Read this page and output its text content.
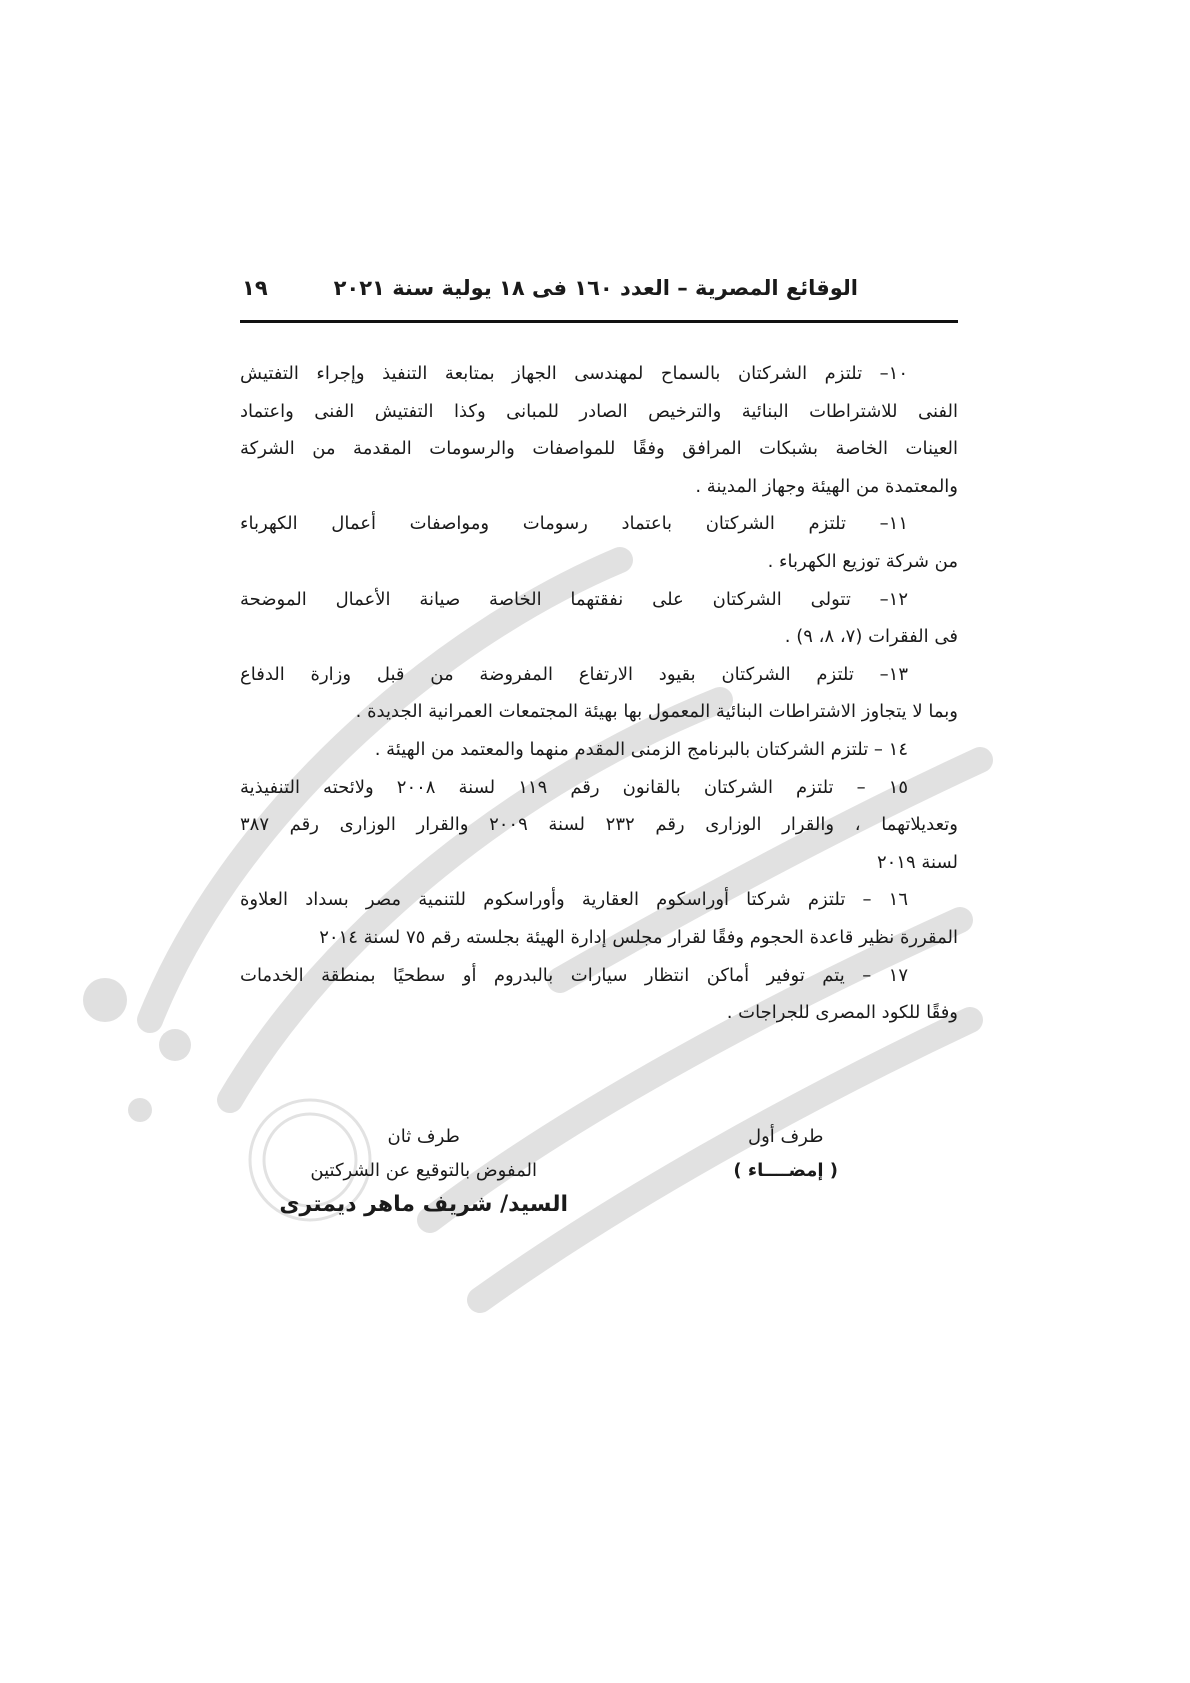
الوقائع المصرية – العدد ١٦٠ فى ١٨ يولية سنة ٢٠٢١
١٩

١٠– تلتزم الشركتان بالسماح لمهندسى الجهاز بمتابعة التنفيذ وإجراء التفتيش
الفنى للاشتراطات البنائية والترخيص الصادر للمبانى وكذا التفتيش الفنى واعتماد
العينات الخاصة بشبكات المرافق وفقًا للمواصفات والرسومات المقدمة من الشركة
والمعتمدة من الهيئة وجهاز المدينة .

١١– تلتزم الشركتان باعتماد رسومات ومواصفات أعمال الكهرباء
من شركة توزيع الكهرباء .

١٢– تتولى الشركتان على نفقتهما الخاصة صيانة الأعمال الموضحة
فى الفقرات (٧، ٨، ٩) .

١٣– تلتزم الشركتان بقيود الارتفاع المفروضة من قبل وزارة الدفاع
وبما لا يتجاوز الاشتراطات البنائية المعمول بها بهيئة المجتمعات العمرانية الجديدة .

١٤ – تلتزم الشركتان بالبرنامج الزمنى المقدم منهما والمعتمد من الهيئة .

١٥ – تلتزم الشركتان بالقانون رقم ١١٩ لسنة ٢٠٠٨ ولائحته التنفيذية
وتعديلاتهما ، والقرار الوزارى رقم ٢٣٢ لسنة ٢٠٠٩ والقرار الوزارى رقم ٣٨٧
لسنة ٢٠١٩

١٦ – تلتزم شركتا أوراسكوم العقارية وأوراسكوم للتنمية مصر بسداد العلاوة
المقررة نظير قاعدة الحجوم وفقًا لقرار مجلس إدارة الهيئة بجلسته رقم ٧٥ لسنة ٢٠١٤

١٧ – يتم توفير أماكن انتظار سيارات بالبدروم أو سطحيًا بمنطقة الخدمات
وفقًا للكود المصرى للجراجات .

طرف أول
( إمضــــاء )
طرف ثان
المفوض بالتوقيع عن الشركتين
السيد/ شريف ماهر ديمترى
